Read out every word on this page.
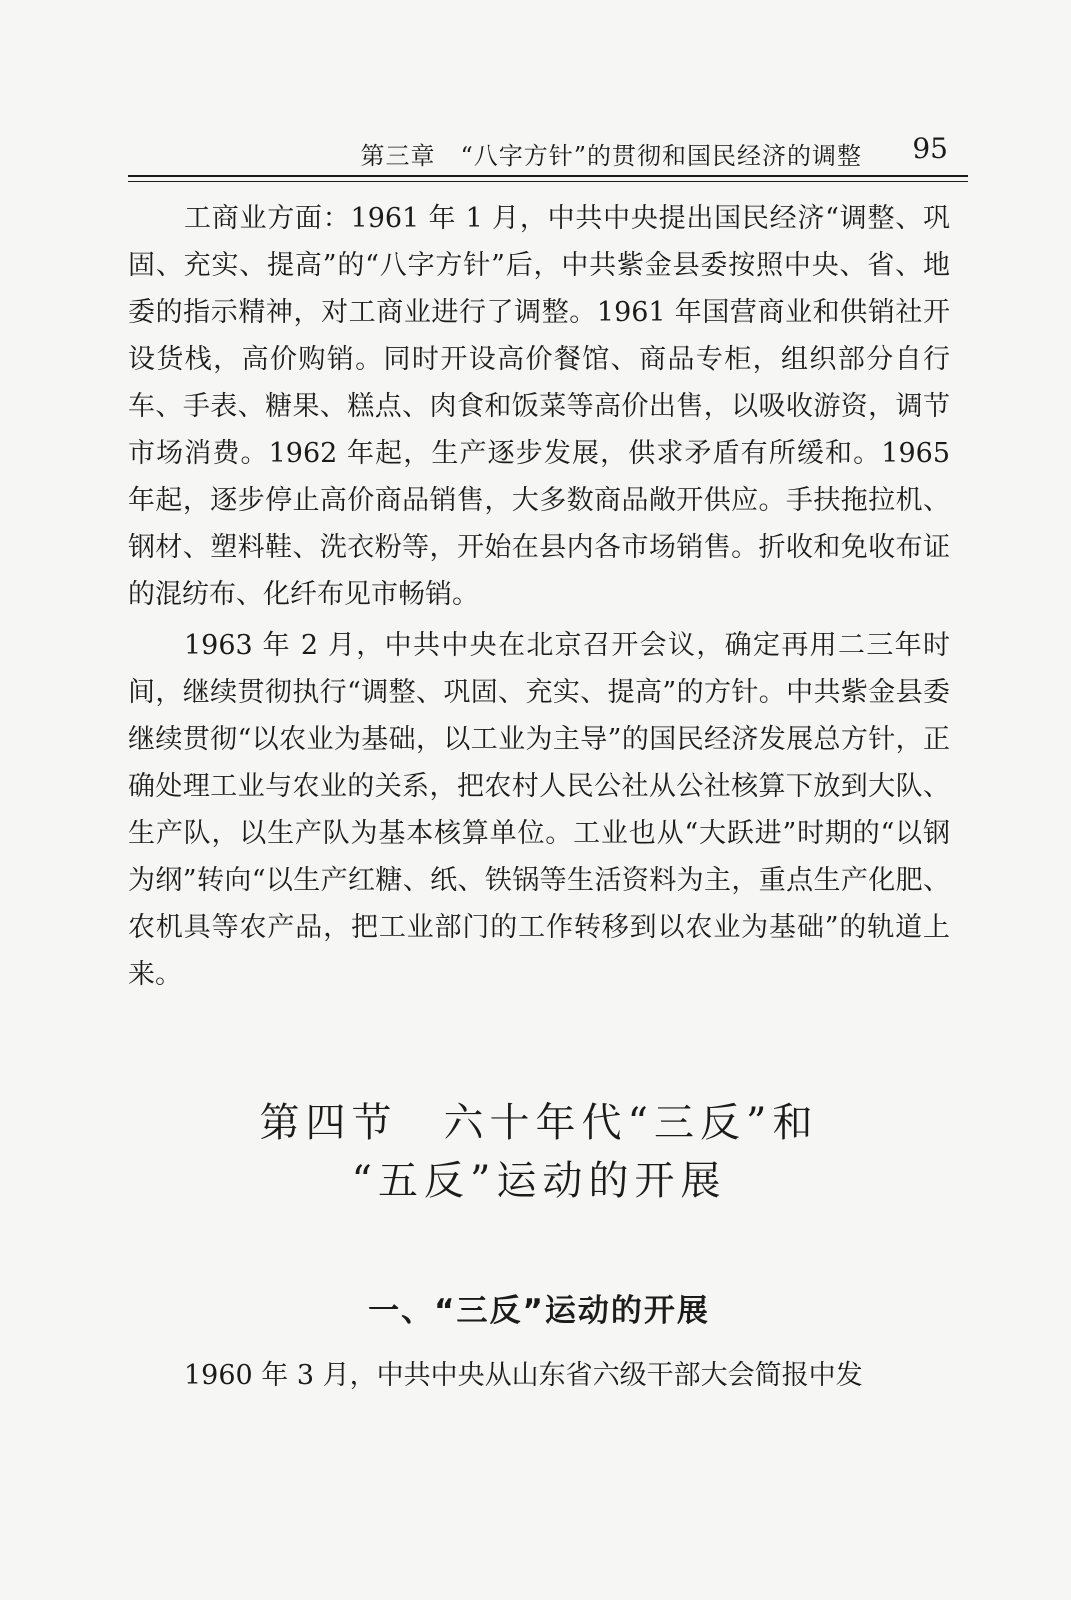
第三章　“八字方针”的贯彻和国民经济的调整 95

工商业方面：1961 年 1 月，中共中央提出国民经济“调整、巩固、充实、提高”的“八字方针”后，中共紫金县委按照中央、省、地委的指示精神，对工商业进行了调整。1961 年国营商业和供销社开设货栈，高价购销。同时开设高价餐馆、商品专柜，组织部分自行车、手表、糖果、糕点、肉食和饭菜等高价出售，以吸收游资，调节市场消费。1962 年起，生产逐步发展，供求矛盾有所缓和。1965 年起，逐步停止高价商品销售，大多数商品敞开供应。手扶拖拉机、钢材、塑料鞋、洗衣粉等，开始在县内各市场销售。折收和免收布证的混纺布、化纤布见市畅销。

1963 年 2 月，中共中央在北京召开会议，确定再用二三年时间，继续贯彻执行“调整、巩固、充实、提高”的方针。中共紫金县委继续贯彻“以农业为基础，以工业为主导”的国民经济发展总方针，正确处理工业与农业的关系，把农村人民公社从公社核算下放到大队、生产队，以生产队为基本核算单位。工业也从“大跃进”时期的“以钢为纲”转向“以生产红糖、纸、铁锅等生活资料为主，重点生产化肥、农机具等农产品，把工业部门的工作转移到以农业为基础”的轨道上来。

第四节　六十年代“三反”和
“五反”运动的开展
一、“三反”运动的开展
1960 年 3 月，中共中央从山东省六级干部大会简报中发
